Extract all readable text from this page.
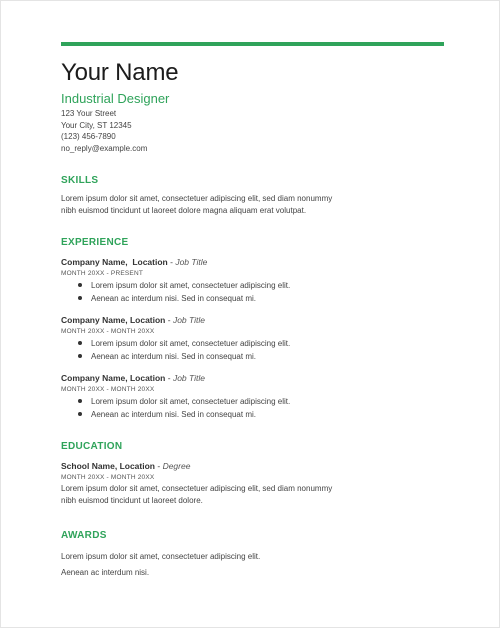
Your Name
Industrial Designer
123 Your Street
Your City, ST 12345
(123) 456-7890
no_reply@example.com
SKILLS
Lorem ipsum dolor sit amet, consectetuer adipiscing elit, sed diam nonummy
nibh euismod tincidunt ut laoreet dolore magna aliquam erat volutpat.
EXPERIENCE
Company Name,  Location - Job Title
MONTH 20XX - PRESENT
Lorem ipsum dolor sit amet, consectetuer adipiscing elit.
Aenean ac interdum nisi. Sed in consequat mi.
Company Name, Location - Job Title
MONTH 20XX - MONTH 20XX
Lorem ipsum dolor sit amet, consectetuer adipiscing elit.
Aenean ac interdum nisi. Sed in consequat mi.
Company Name, Location - Job Title
MONTH 20XX - MONTH 20XX
Lorem ipsum dolor sit amet, consectetuer adipiscing elit.
Aenean ac interdum nisi. Sed in consequat mi.
EDUCATION
School Name, Location - Degree
MONTH 20XX - MONTH 20XX
Lorem ipsum dolor sit amet, consectetuer adipiscing elit, sed diam nonummy
nibh euismod tincidunt ut laoreet dolore.
AWARDS
Lorem ipsum dolor sit amet, consectetuer adipiscing elit.
Aenean ac interdum nisi.
